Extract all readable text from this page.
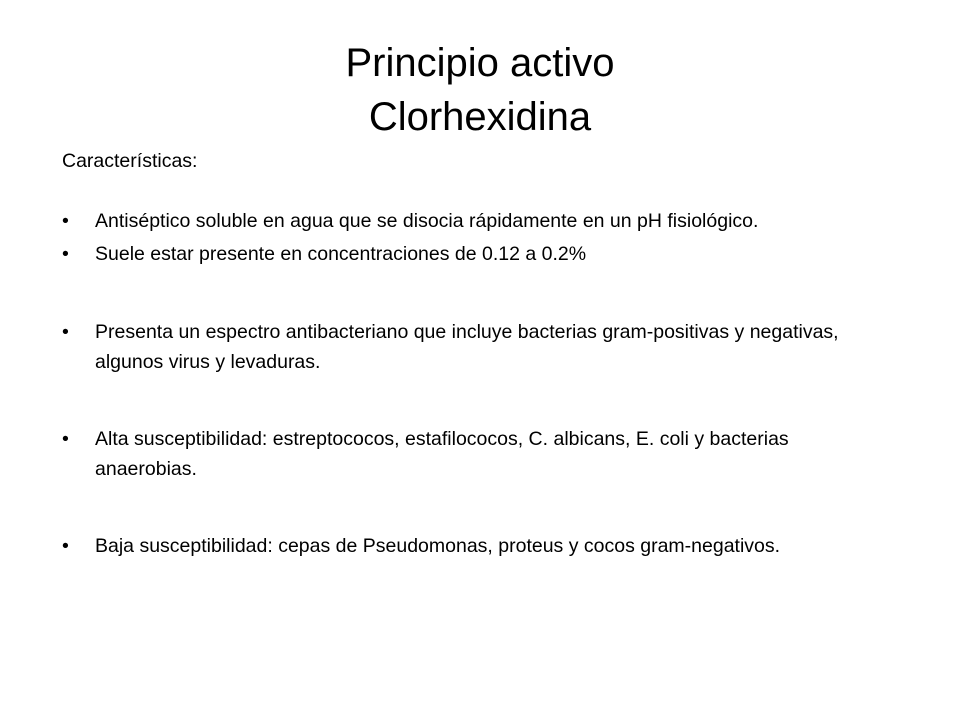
Principio activo
Clorhexidina

Características:

•	Antiséptico soluble en agua que se disocia rápidamente en un pH fisiológico.
•	Suele estar presente en concentraciones de 0.12 a 0.2%
•	Presenta un espectro antibacteriano que incluye bacterias gram-positivas y negativas, algunos virus y levaduras.
•	Alta susceptibilidad: estreptococos, estafilococos, C. albicans, E. coli y bacterias anaerobias.
•	Baja susceptibilidad: cepas de Pseudomonas, proteus y cocos gram-negativos.
